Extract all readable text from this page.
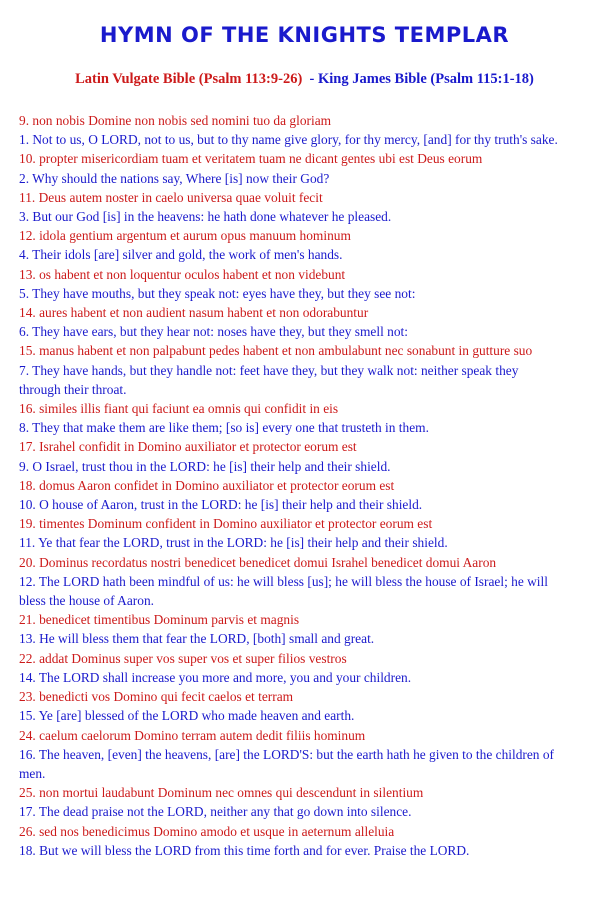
HYMN OF THE KNIGHTS TEMPLAR
Latin Vulgate Bible (Psalm 113:9-26)  - King James Bible (Psalm 115:1-18)

9. non nobis Domine non nobis sed nomini tuo da gloriam

1. Not to us, O LORD, not to us, but to thy name give glory, for thy mercy, [and] for thy truth's sake.

10. propter misericordiam tuam et veritatem tuam ne dicant gentes ubi est Deus eorum

2. Why should the nations say, Where [is] now their God?

11. Deus autem noster in caelo universa quae voluit fecit

3. But our God [is] in the heavens: he hath done whatever he pleased.

12. idola gentium argentum et aurum opus manuum hominum

4. Their idols [are] silver and gold, the work of men's hands.

13. os habent et non loquentur oculos habent et non videbunt

5. They have mouths, but they speak not: eyes have they, but they see not:

14. aures habent et non audient nasum habent et non odorabuntur

6. They have ears, but they hear not: noses have they, but they smell not:

15. manus habent et non palpabunt pedes habent et non ambulabunt nec sonabunt in gutture suo

7. They have hands, but they handle not: feet have they, but they walk not: neither speak they through their throat.

16. similes illis fiant qui faciunt ea omnis qui confidit in eis

8. They that make them are like them; [so is] every one that trusteth in them.

17. Israhel confidit in Domino auxiliator et protector eorum est

9. O Israel, trust thou in the LORD: he [is] their help and their shield.

18. domus Aaron confidet in Domino auxiliator et protector eorum est

10. O house of Aaron, trust in the LORD: he [is] their help and their shield.

19. timentes Dominum confident in Domino auxiliator et protector eorum est

11. Ye that fear the LORD, trust in the LORD: he [is] their help and their shield.

20. Dominus recordatus nostri benedicet benedicet domui Israhel benedicet domui Aaron

12. The LORD hath been mindful of us: he will bless [us]; he will bless the house of Israel; he will bless the house of Aaron.

21. benedicet timentibus Dominum parvis et magnis

13. He will bless them that fear the LORD, [both] small and great.

22. addat Dominus super vos super vos et super filios vestros

14. The LORD shall increase you more and more, you and your children.

23. benedicti vos Domino qui fecit caelos et terram

15. Ye [are] blessed of the LORD who made heaven and earth.

24. caelum caelorum Domino terram autem dedit filiis hominum

16. The heaven, [even] the heavens, [are] the LORD'S: but the earth hath he given to the children of men.

25. non mortui laudabunt Dominum nec omnes qui descendunt in silentium

17. The dead praise not the LORD, neither any that go down into silence.

26. sed nos benedicimus Domino amodo et usque in aeternum alleluia

18. But we will bless the LORD from this time forth and for ever. Praise the LORD.
